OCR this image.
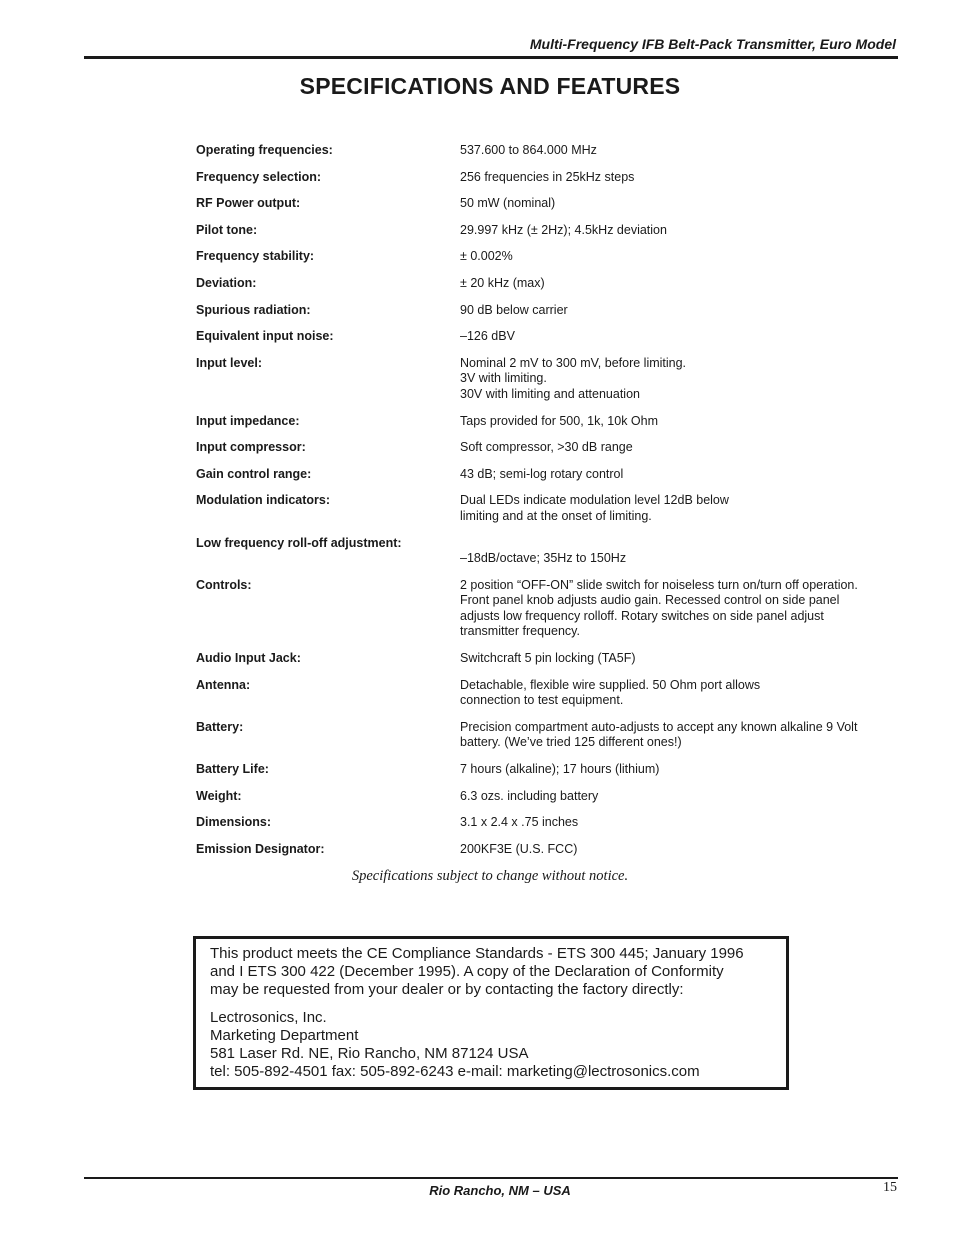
Multi-Frequency IFB Belt-Pack Transmitter, Euro Model
SPECIFICATIONS AND FEATURES
Operating frequencies:	537.600 to 864.000 MHz
Frequency selection:	256 frequencies in 25kHz steps
RF Power output:	50 mW (nominal)
Pilot tone:	29.997 kHz (± 2Hz); 4.5kHz deviation
Frequency stability:	± 0.002%
Deviation:	± 20 kHz (max)
Spurious radiation:	90 dB below carrier
Equivalent input noise:	–126 dBV
Input level:	Nominal 2 mV to 300 mV, before limiting.
3V with limiting.
30V with limiting and attenuation
Input impedance:	Taps provided for 500, 1k, 10k Ohm
Input compressor:	Soft compressor, >30 dB range
Gain control range:	43 dB; semi-log rotary control
Modulation indicators:	Dual LEDs indicate modulation level 12dB below
limiting and at the onset of limiting.
Low frequency roll-off adjustment:

–18dB/octave; 35Hz to 150Hz
Controls:	2 position “OFF-ON” slide switch for noiseless turn on/turn off operation.
Front panel knob adjusts audio gain. Recessed control on side panel
adjusts low frequency rolloff. Rotary switches on side panel adjust
transmitter frequency.
Audio Input Jack:	Switchcraft 5 pin locking (TA5F)
Antenna:	Detachable, flexible wire supplied. 50 Ohm port allows
connection to test equipment.
Battery:	Precision compartment auto-adjusts to accept any known alkaline 9 Volt
battery. (We’ve tried 125 different ones!)
Battery Life:	7 hours (alkaline); 17 hours (lithium)
Weight:	6.3 ozs. including battery
Dimensions:	3.1 x 2.4 x .75 inches
Emission Designator:	200KF3E (U.S. FCC)
Specifications subject to change without notice.

This product meets the CE Compliance Standards - ETS 300 445; January 1996
and I ETS 300 422 (December 1995). A copy of the Declaration of Conformity
may be requested from your dealer or by contacting the factory directly:

Lectrosonics, Inc.
Marketing Department
581 Laser Rd. NE, Rio Rancho, NM 87124 USA
tel: 505-892-4501 fax: 505-892-6243 e-mail: marketing@lectrosonics.com

Rio Rancho, NM – USA	15
